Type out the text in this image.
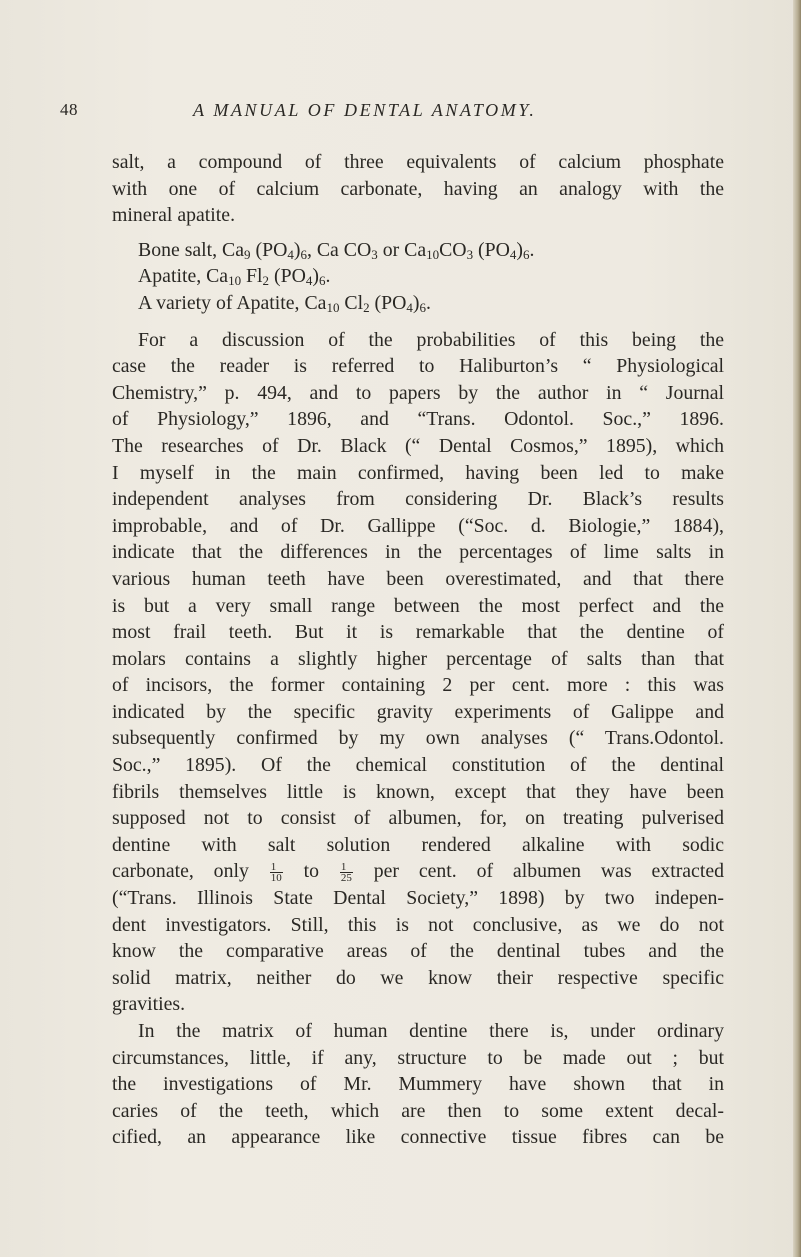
48	A MANUAL OF DENTAL ANATOMY.
salt, a compound of three equivalents of calcium phosphate
with one of calcium carbonate, having an analogy with the
mineral apatite.
Bone salt, $Ca_9$ $(PO_4)_6$, Ca $CO_3$ or $Ca_{10}CO_3$ $(PO_4)_6$.
Apatite, $Ca_{10}$ $Fl_2$ $(PO_4)_6$.
A variety of Apatite, $Ca_{10}$ $Cl_2$ $(PO_4)_6$.
For a discussion of the probabilities of this being the
case the reader is referred to Haliburton’s “ Physiological
Chemistry,” p. 494, and to papers by the author in “ Journal
of Physiology,” 1896, and “Trans. Odontol. Soc.,” 1896.
The researches of Dr. Black (“ Dental Cosmos,” 1895), which
I myself in the main confirmed, having been led to make
independent analyses from considering Dr. Black’s results
improbable, and of Dr. Gallippe (“Soc. d. Biologie,” 1884),
indicate that the differences in the percentages of lime salts in
various human teeth have been overestimated, and that there
is but a very small range between the most perfect and the
most frail teeth. But it is remarkable that the dentine of
molars contains a slightly higher percentage of salts than that
of incisors, the former containing 2 per cent. more : this was
indicated by the specific gravity experiments of Galippe and
subsequently confirmed by my own analyses (“ Trans.Odontol.
Soc.,” 1895). Of the chemical constitution of the dentinal
fibrils themselves little is known, except that they have been
supposed not to consist of albumen, for, on treating pulverised
dentine with salt solution rendered alkaline with sodic
carbonate, only $\frac{1}{10}$ to $\frac{1}{25}$ per cent. of albumen was extracted
(“Trans. Illinois State Dental Society,” 1898) by two indepen-
dent investigators. Still, this is not conclusive, as we do not
know the comparative areas of the dentinal tubes and the
solid matrix, neither do we know their respective specific
gravities.
In the matrix of human dentine there is, under ordinary
circumstances, little, if any, structure to be made out ; but
the investigations of Mr. Mummery have shown that in
caries of the teeth, which are then to some extent decal-
cified, an appearance like connective tissue fibres can be
